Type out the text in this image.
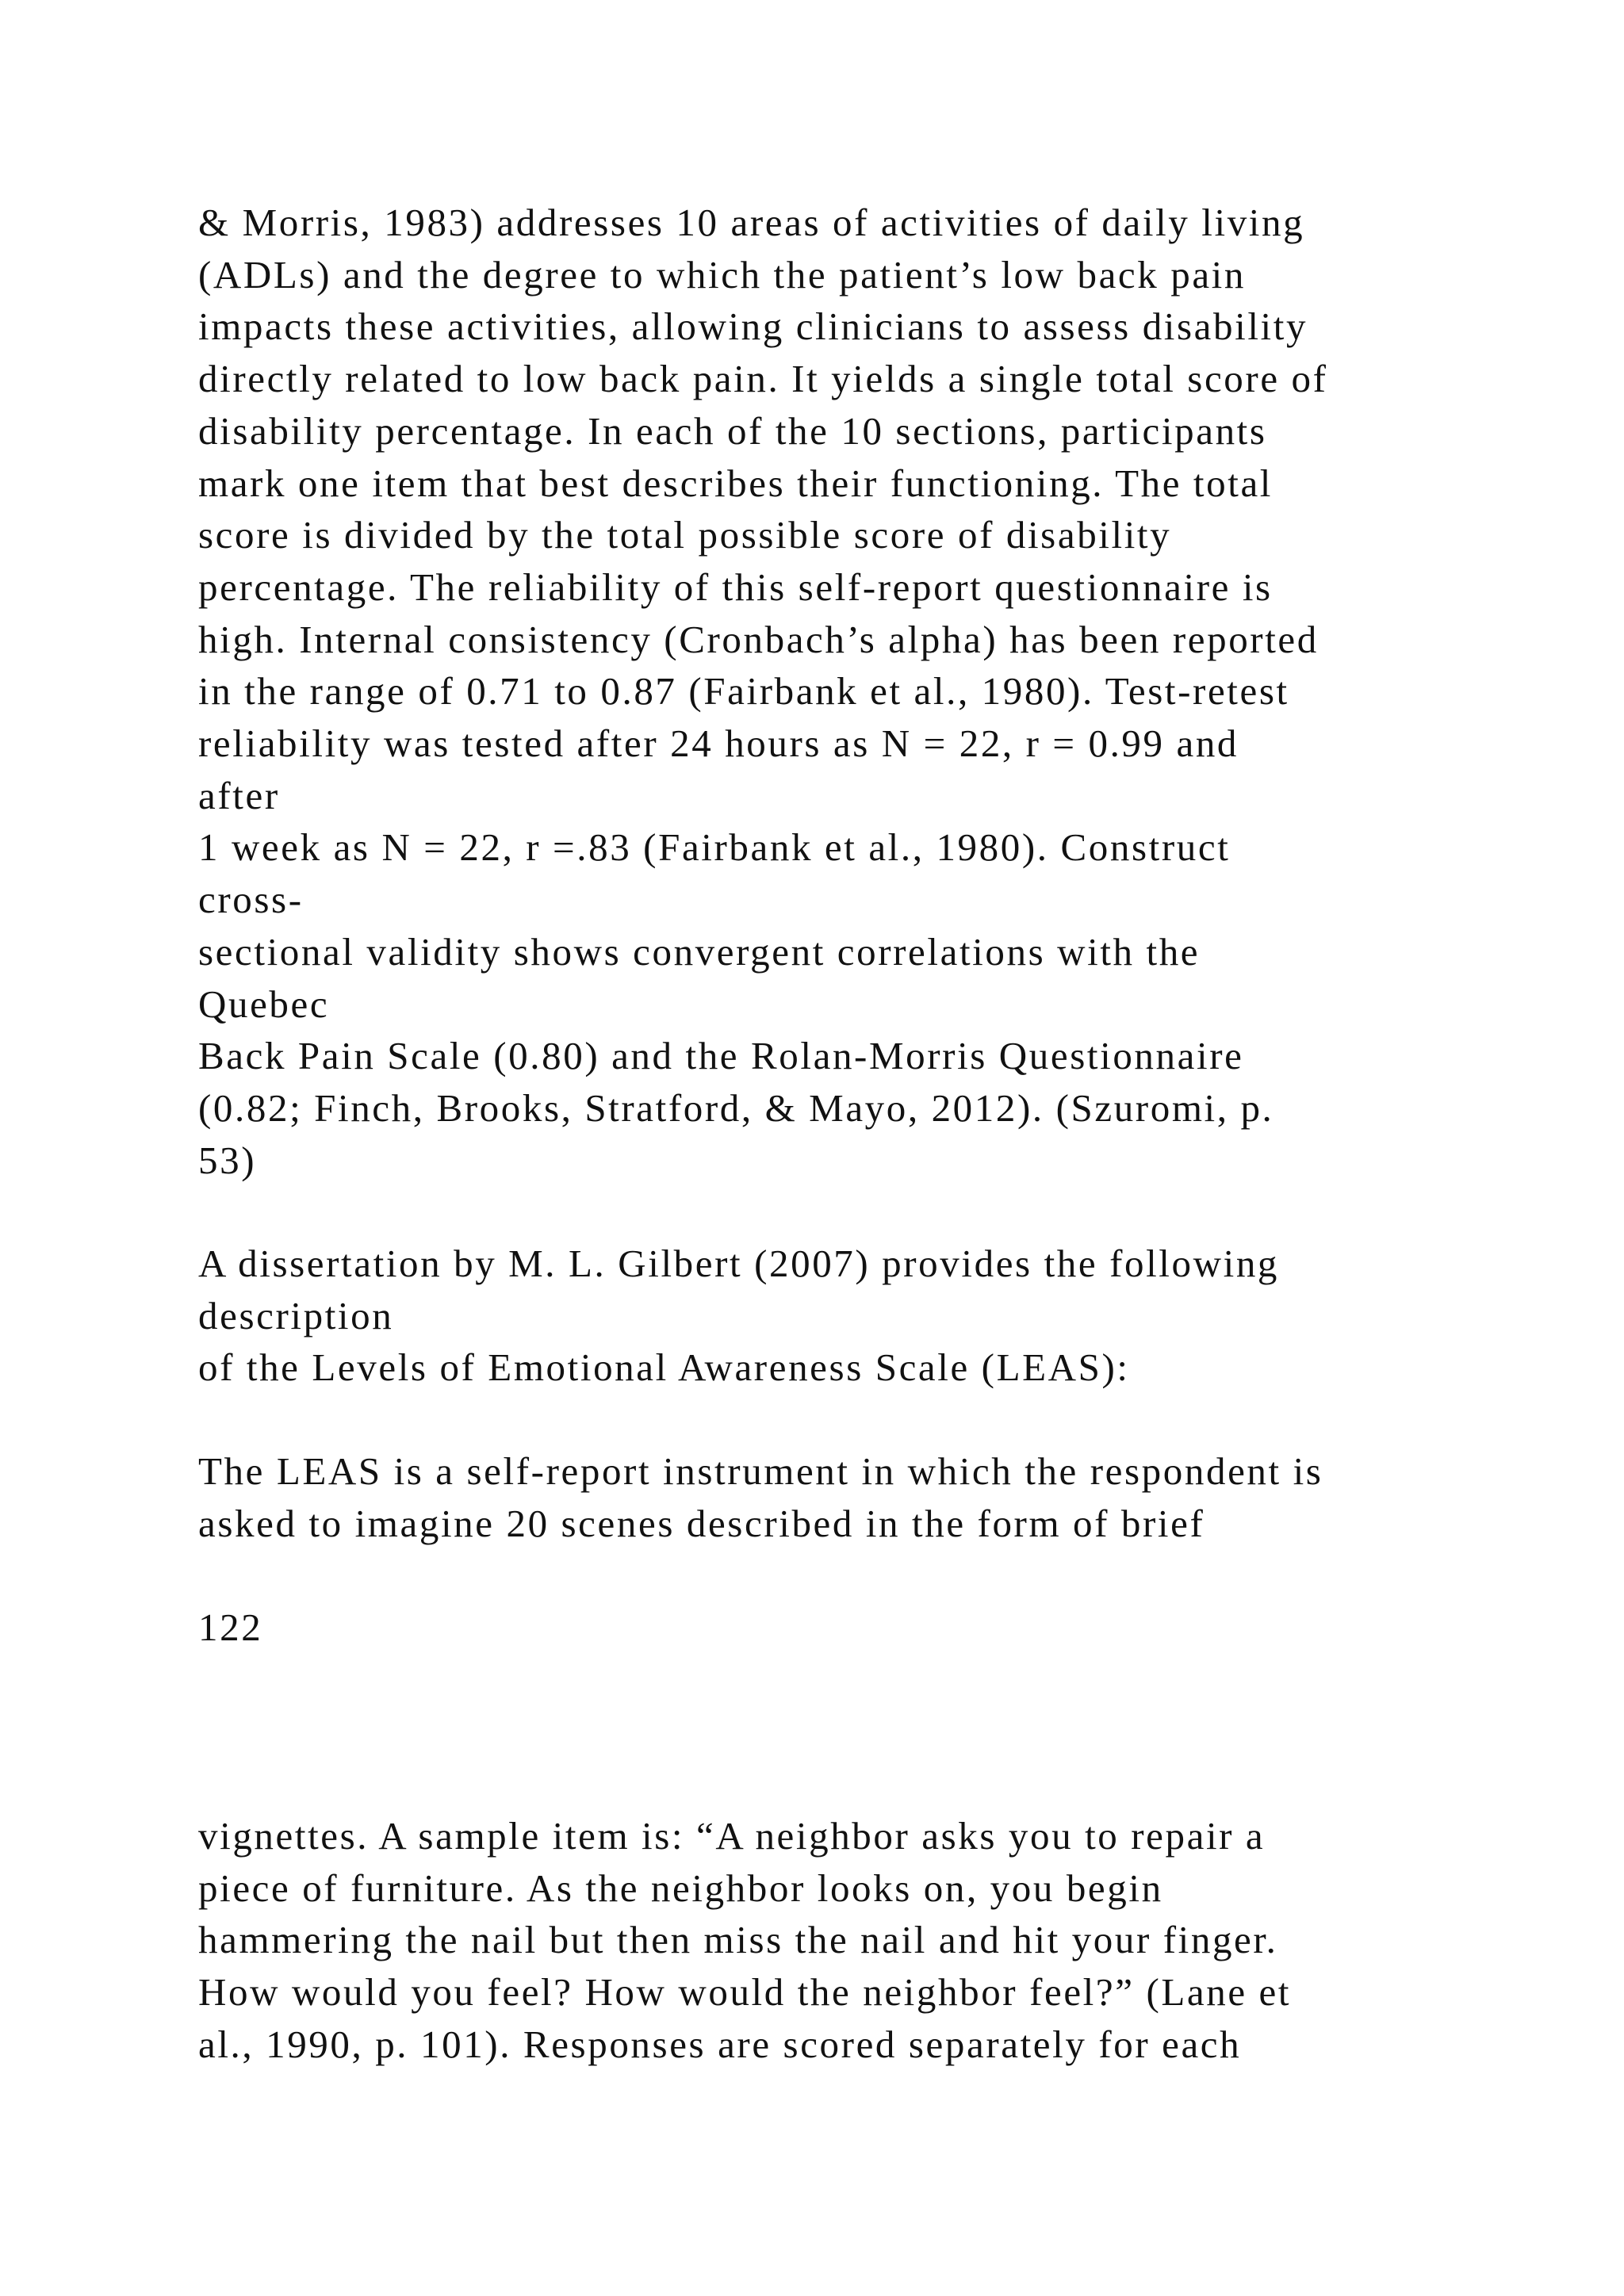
& Morris, 1983) addresses 10 areas of activities of daily living
(ADLs) and the degree to which the patient’s low back pain
impacts these activities, allowing clinicians to assess disability
directly related to low back pain. It yields a single total score of
disability percentage. In each of the 10 sections, participants
mark one item that best describes their functioning. The total
score is divided by the total possible score of disability
percentage. The reliability of this self-report questionnaire is
high. Internal consistency (Cronbach’s alpha) has been reported
in the range of 0.71 to 0.87 (Fairbank et al., 1980). Test-retest
reliability was tested after 24 hours as N = 22, r = 0.99 and
after
1 week as N = 22, r =.83 (Fairbank et al., 1980). Construct
cross-
sectional validity shows convergent correlations with the
Quebec
Back Pain Scale (0.80) and the Rolan-Morris Questionnaire
(0.82; Finch, Brooks, Stratford, & Mayo, 2012). (Szuromi, p.
53)
A dissertation by M. L. Gilbert (2007) provides the following
description
of the Levels of Emotional Awareness Scale (LEAS):
The LEAS is a self-report instrument in which the respondent is
asked to imagine 20 scenes described in the form of brief
122
vignettes. A sample item is: “A neighbor asks you to repair a
piece of furniture. As the neighbor looks on, you begin
hammering the nail but then miss the nail and hit your finger.
How would you feel? How would the neighbor feel?” (Lane et
al., 1990, p. 101). Responses are scored separately for each
